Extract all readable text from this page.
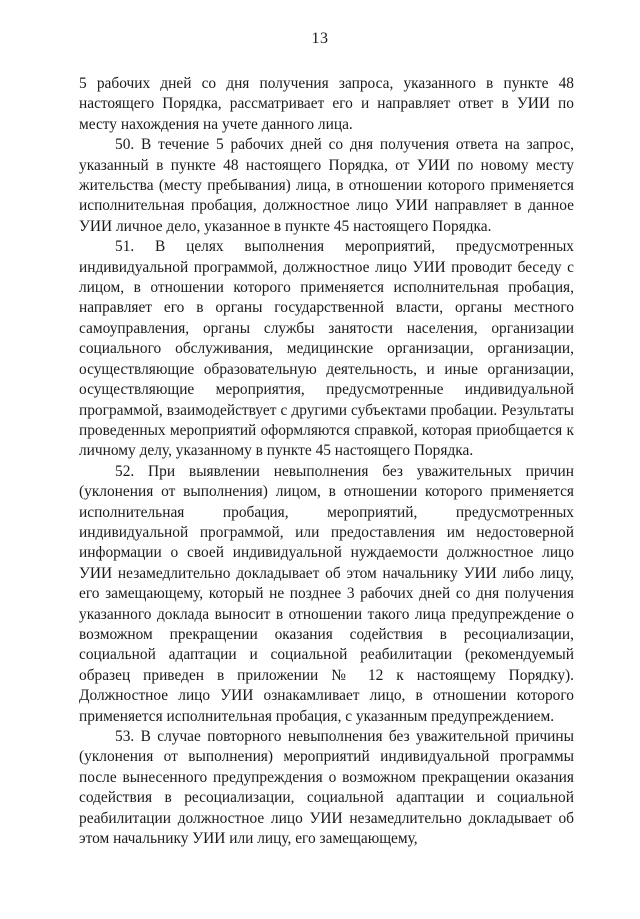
13

5 рабочих дней со дня получения запроса, указанного в пункте 48 настоящего Порядка, рассматривает его и направляет ответ в УИИ по месту нахождения на учете данного лица.

50. В течение 5 рабочих дней со дня получения ответа на запрос, указанный в пункте 48 настоящего Порядка, от УИИ по новому месту жительства (месту пребывания) лица, в отношении которого применяется исполнительная пробация, должностное лицо УИИ направляет в данное УИИ личное дело, указанное в пункте 45 настоящего Порядка.

51. В целях выполнения мероприятий, предусмотренных индивидуальной программой, должностное лицо УИИ проводит беседу с лицом, в отношении которого применяется исполнительная пробация, направляет его в органы государственной власти, органы местного самоуправления, органы службы занятости населения, организации социального обслуживания, медицинские организации, организации, осуществляющие образовательную деятельность, и иные организации, осуществляющие мероприятия, предусмотренные индивидуальной программой, взаимодействует с другими субъектами пробации. Результаты проведенных мероприятий оформляются справкой, которая приобщается к личному делу, указанному в пункте 45 настоящего Порядка.

52. При выявлении невыполнения без уважительных причин (уклонения от выполнения) лицом, в отношении которого применяется исполнительная пробация, мероприятий, предусмотренных индивидуальной программой, или предоставления им недостоверной информации о своей индивидуальной нуждаемости должностное лицо УИИ незамедлительно докладывает об этом начальнику УИИ либо лицу, его замещающему, который не позднее 3 рабочих дней со дня получения указанного доклада выносит в отношении такого лица предупреждение о возможном прекращении оказания содействия в ресоциализации, социальной адаптации и социальной реабилитации (рекомендуемый образец приведен в приложении № 12 к настоящему Порядку). Должностное лицо УИИ ознакамливает лицо, в отношении которого применяется исполнительная пробация, с указанным предупреждением.

53. В случае повторного невыполнения без уважительной причины (уклонения от выполнения) мероприятий индивидуальной программы после вынесенного предупреждения о возможном прекращении оказания содействия в ресоциализации, социальной адаптации и социальной реабилитации должностное лицо УИИ незамедлительно докладывает об этом начальнику УИИ или лицу, его замещающему,
